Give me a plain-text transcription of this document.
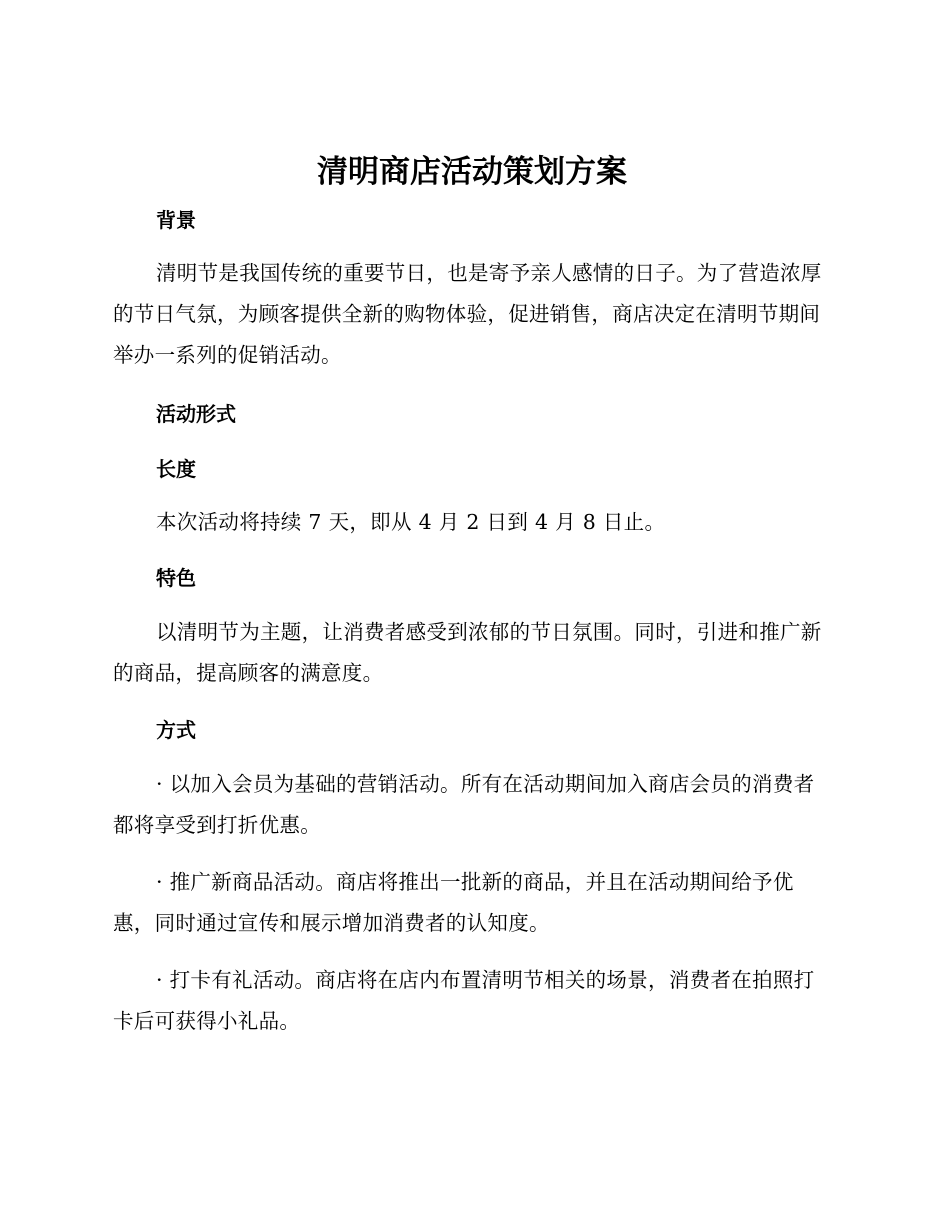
清明商店活动策划方案
背景

清明节是我国传统的重要节日，也是寄予亲人感情的日子。为了营造浓厚的节日气氛，为顾客提供全新的购物体验，促进销售，商店决定在清明节期间举办一系列的促销活动。

活动形式
长度

本次活动将持续 7 天，即从 4 月 2 日到 4 月 8 日止。

特色

以清明节为主题，让消费者感受到浓郁的节日氛围。同时，引进和推广新的商品，提高顾客的满意度。

方式

· 以加入会员为基础的营销活动。所有在活动期间加入商店会员的消费者都将享受到打折优惠。

· 推广新商品活动。商店将推出一批新的商品，并且在活动期间给予优惠，同时通过宣传和展示增加消费者的认知度。

· 打卡有礼活动。商店将在店内布置清明节相关的场景，消费者在拍照打卡后可获得小礼品。
